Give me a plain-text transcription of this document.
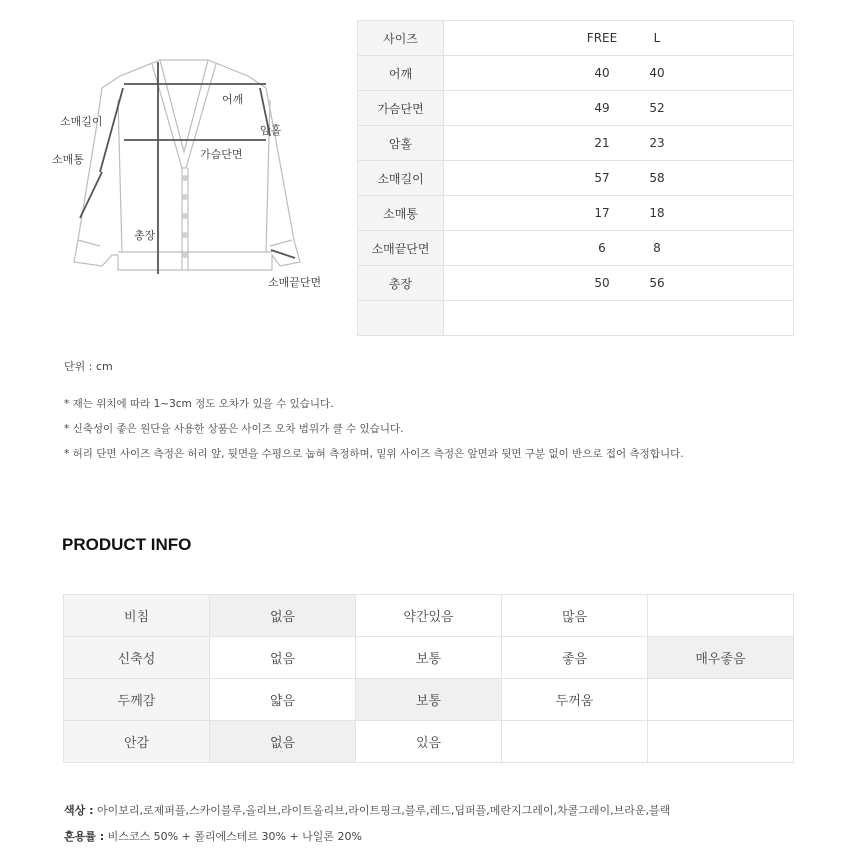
어깨
소매길이
암홀
소매통	가슴단면
총장
소매끝단면
사이즈	FREE L

어깨	40 40

가슴단면	49 52

암홀	21 23

소매길이	57 58

소매통	17 18

소매끝단면	6 8

총장	50 56

단위 : cm
* 재는 위치에 따라 1~3cm 정도 오차가 있을 수 있습니다.
* 신축성이 좋은 원단을 사용한 상품은 사이즈 오차 범위가 클 수 있습니다.
* 허리 단면 사이즈 측정은 허리 앞, 뒷면을 수평으로 눕혀 측정하며, 밑위 사이즈 측정은 앞면과 뒷면 구분 없이 반으로 접어 측정합니다.
PRODUCT INFO
비침	없음	약간있음	많음	
신축성	없음	보통	좋음	매우좋음
두께감	얇음	보통	두꺼움	
안감	없음	있음		
색상 : 아이보리,로제퍼플,스카이블루,올리브,라이트올리브,라이트핑크,블루,레드,딥퍼플,메란지그레이,차콜그레이,브라운,블랙
혼용률 : 비스코스 50% + 폴리에스테르 30% + 나일론 20%
